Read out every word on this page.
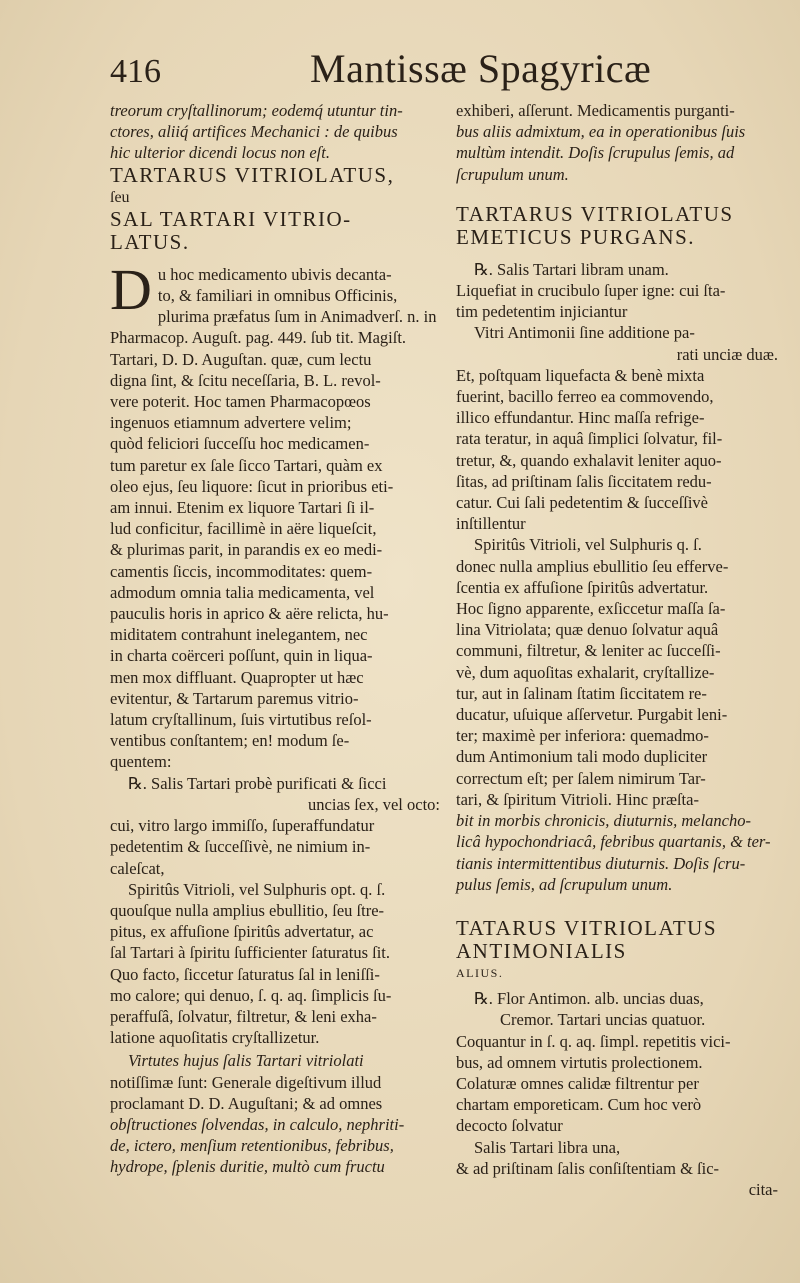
416	Mantissæ Spagyricæ

treorum cryſtallinorum; eodemq́ utuntur tin-

ctores, aliiq́ artifices Mechanici : de quibus

hic ulterior dicendi locus non eſt.

TARTARUS VITRIOLATUS,

ſeu

SAL TARTARI VITRIO-

LATUS.

D u hoc medicamento ubivis decanta-

to, & familiari in omnibus Officinis,

plurima præfatus ſum in Animadverſ. n. in

Pharmacop. Auguſt. pag. 449. ſub tit. Magiſt.

Tartari, D. D. Auguſtan. quæ, cum lectu

digna ſint, & ſcitu neceſſaria, B. L. revol-

vere poterit. Hoc tamen Pharmacopœos

ingenuos etiamnum advertere velim;

quòd feliciori ſucceſſu hoc medicamen-

tum paretur ex ſale ſicco Tartari, quàm ex

oleo ejus, ſeu liquore: ſicut in prioribus eti-

am innui. Etenim ex liquore Tartari ſi il-

lud conficitur, facillimè in aëre liqueſcit,

& plurimas parit, in parandis ex eo medi-

camentis ſiccis, incommoditates: quem-

admodum omnia talia medicamenta, vel

pauculis horis in aprico & aëre relicta, hu-

miditatem contrahunt inelegantem, nec

in charta coërceri poſſunt, quin in liqua-

men mox diffluant. Quapropter ut hæc

evitentur, & Tartarum paremus vitrio-

latum cryſtallinum, ſuis virtutibus reſol-

ventibus conſtantem; en! modum ſe-

quentem:

℞. Salis Tartari probè purificati & ſicci

uncias ſex, vel octo:

cui, vitro largo immiſſo, ſuperaffundatur

pedetentim & ſucceſſivè, ne nimium in-

caleſcat,

Spiritûs Vitrioli, vel Sulphuris opt. q. ſ.

quouſque nulla amplius ebullitio, ſeu ſtre-

pitus, ex affuſione ſpiritûs advertatur, ac

ſal Tartari à ſpiritu ſufficienter ſaturatus ſit.

Quo facto, ſiccetur ſaturatus ſal in leniſſi-

mo calore; qui denuo, ſ. q. aq. ſimplicis ſu-

peraffuſâ, ſolvatur, filtretur, & leni exha-

latione aquoſitatis cryſtallizetur.

Virtutes hujus ſalis Tartari vitriolati

notiſſimæ ſunt: Generale digeſtivum illud

proclamant D. D. Auguſtani; & ad omnes

obſtructiones ſolvendas, in calculo, nephriti-

de, ictero, menſium retentionibus, febribus,

hydrope, ſplenis duritie, multò cum fructu

exhiberi, aſſerunt. Medicamentis purganti-

bus aliis admixtum, ea in operationibus ſuis

multùm intendit. Doſis ſcrupulus ſemis, ad

ſcrupulum unum.

TARTARUS VITRIOLATUS

EMETICUS PURGANS.

℞. Salis Tartari libram unam.

Liquefiat in crucibulo ſuper igne: cui ſta-

tim pedetentim injiciantur

Vitri Antimonii ſine additione pa-

rati unciæ duæ.

Et, poſtquam liquefacta & benè mixta

fuerint, bacillo ferreo ea commovendo,

illico effundantur. Hinc maſſa refrige-

rata teratur, in aquâ ſimplici ſolvatur, fil-

tretur, &, quando exhalavit leniter aquo-

ſitas, ad priſtinam ſalis ſiccitatem redu-

catur. Cui ſali pedetentim & ſucceſſivè

inſtillentur

Spiritûs Vitrioli, vel Sulphuris q. ſ.

donec nulla amplius ebullitio ſeu efferve-

ſcentia ex affuſione ſpiritûs advertatur.

Hoc ſigno apparente, exſiccetur maſſa ſa-

lina Vitriolata; quæ denuo ſolvatur aquâ

communi, filtretur, & leniter ac ſucceſſi-

vè, dum aquoſitas exhalarit, cryſtallize-

tur, aut in ſalinam ſtatim ſiccitatem re-

ducatur, uſuique aſſervetur. Purgabit leni-

ter; maximè per inferiora: quemadmo-

dum Antimonium tali modo dupliciter

correctum eſt; per ſalem nimirum Tar-

tari, & ſpiritum Vitrioli. Hinc præſta-

bit in morbis chronicis, diuturnis, melancho-

licâ hypochondriacâ, febribus quartanis, & ter-

tianis intermittentibus diuturnis. Doſis ſcru-

pulus ſemis, ad ſcrupulum unum.

TATARUS VITRIOLATUS

ANTIMONIALIS

ALIUS.

℞. Flor Antimon. alb. uncias duas,

Cremor. Tartari uncias quatuor.

Coquantur in ſ. q. aq. ſimpl. repetitis vici-

bus, ad omnem virtutis prolectionem.

Colaturæ omnes calidæ filtrentur per

chartam emporeticam. Cum hoc verò

decocto ſolvatur

Salis Tartari libra una,

& ad priſtinam ſalis conſiſtentiam & ſic-

cita-
